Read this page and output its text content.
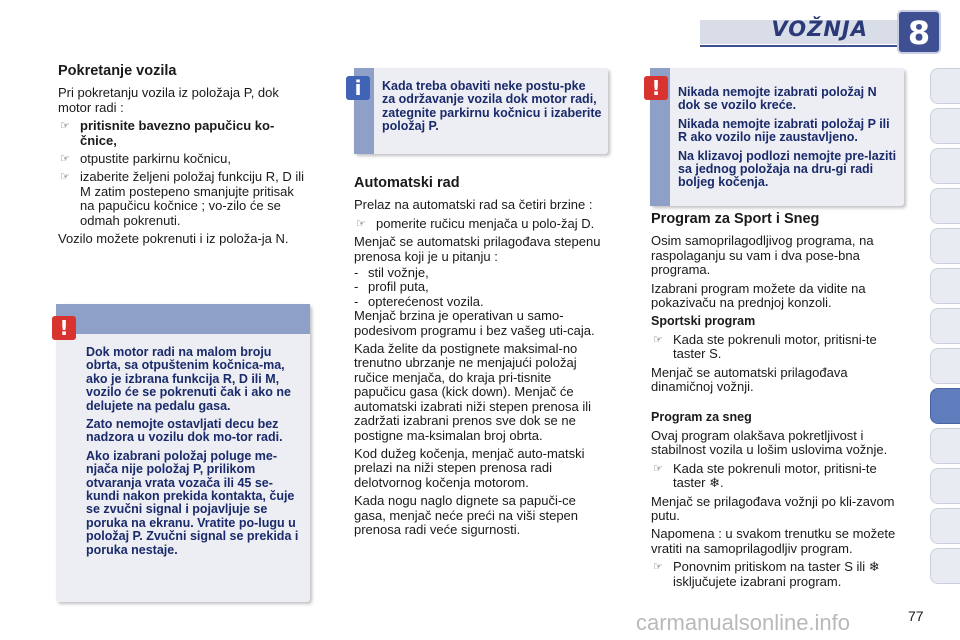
VOŽNJA 8
Pokretanje vozila

Pri pokretanju vozila iz položaja P, dok motor radi :

☞ pritisnite bavezno papučicu ko-čnice,
☞ otpustite parkirnu kočnicu,
☞ izaberite željeni položaj funkciju R, D ili M zatim postepeno smanjujte pritisak na papučicu kočnice ; vo-zilo će se odmah pokrenuti.

Vozilo možete pokrenuti i iz položa-ja N.

!

Dok motor radi na malom broju obrta, sa otpuštenim kočnica-ma, ako je izbrana funkcija R, D ili M, vozilo će se pokrenuti čak i ako ne delujete na pedalu gasa.

Zato nemojte ostavljati decu bez nadzora u vozilu dok mo-tor radi.

Ako izabrani položaj poluge me-njača nije položaj P, prilikom otvaranja vrata vozača ili 45 se-kundi nakon prekida kontakta, čuje se zvučni signal i pojavljuje se poruka na ekranu. Vratite po-lugu u položaj P. Zvučni signal se prekida i poruka nestaje.

i	Kada treba obaviti neke postu-pke za održavanje vozila dok motor radi, zategnite parkirnu kočnicu i izaberite položaj P.
Automatski rad

Prelaz na automatski rad sa četiri brzine :

☞ pomerite ručicu menjača u polo-žaj D.

Menjač se automatski prilagođava stepenu prenosa koji je u pitanju :

- stil vožnje,
- profil puta,
- opterećenost vozila.

Menjač brzina je operativan u samo-podesivom programu i bez vašeg uti-caja.

Kada želite da postignete maksimal-no trenutno ubrzanje ne menjajući položaj ručice menjača, do kraja pri-tisnite papučicu gasa (kick down). Menjač će automatski izabrati niži stepen prenosa ili zadržati izabrani prenos sve dok se ne postigne ma-ksimalan broj obrta.

Kod dužeg kočenja, menjač auto-matski prelazi na niži stepen prenosa radi delotvornog kočenja motorom.

Kada nogu naglo dignete sa papuči-ce gasa, menjač neće preći na viši stepen prenosa radi veće sigurnosti.

!	Nikada nemojte izabrati položaj N dok se vozilo kreće.

Nikada nemojte izabrati položaj P ili R ako vozilo nije zaustavljeno.

Na klizavoj podlozi nemojte pre-laziti sa jednog položaja na dru-gi radi boljeg kočenja.

Program za Sport i Sneg

Osim samoprilagodljivog programa, na raspolaganju su vam i dva pose-bna programa.

Izabrani program možete da vidite na pokazivaču na prednjoj konzoli.

Sportski program
☞ Kada ste pokrenuli motor, pritisni-te taster S.

Menjač se automatski prilagođava dinamičnoj vožnji.

Program za sneg

Ovaj program olakšava pokretljivost i stabilnost vozila u lošim uslovima vožnje.

☞ Kada ste pokrenuli motor, pritisni-te taster ❄.

Menjač se prilagođava vožnji po kli-zavom putu.

Napomena : u svakom trenutku se možete vratiti na samoprilagodljiv program.

☞ Ponovnim pritiskom na taster S ili ❄ isključujete izabrani program.
carmanualsonline.info	77
